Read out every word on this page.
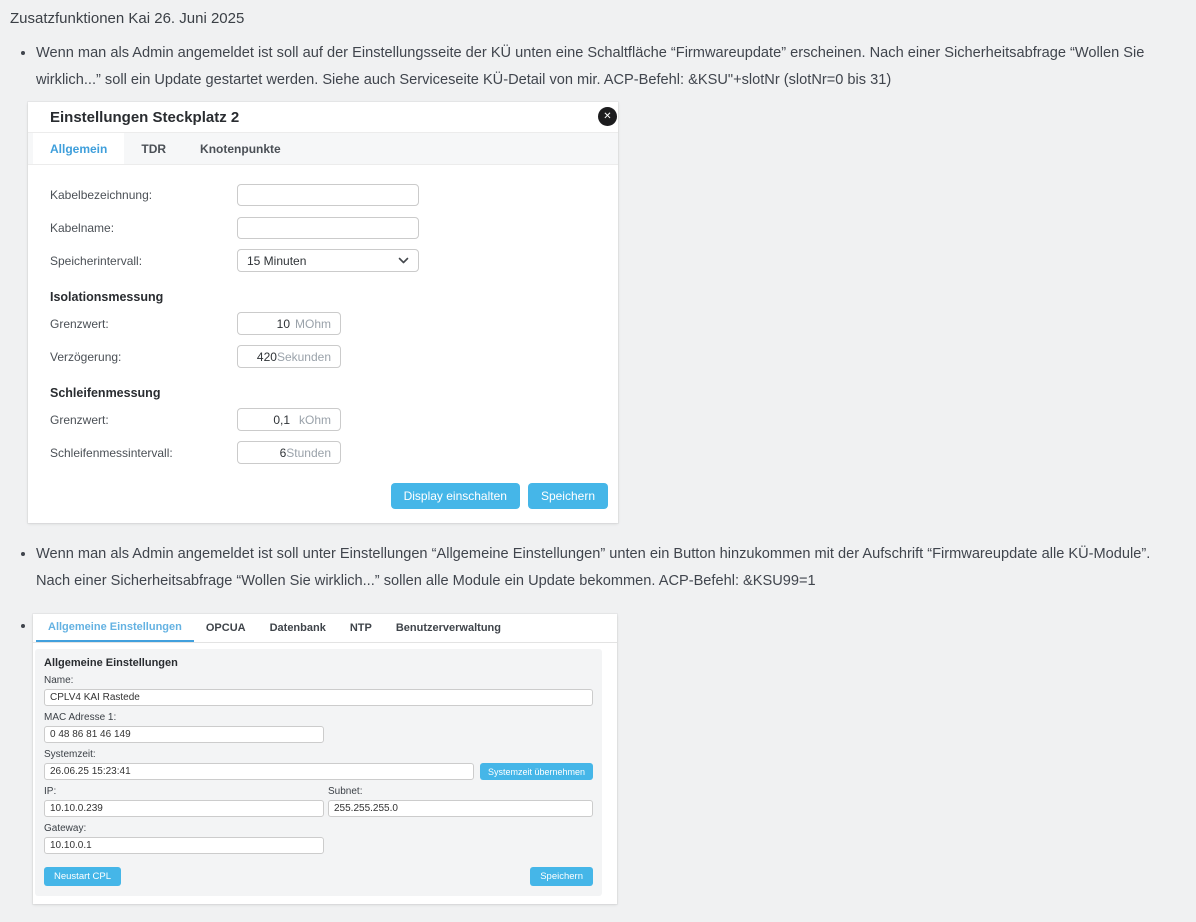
Zusatzfunktionen Kai 26. Juni 2025
• Wenn man als Admin angemeldet ist soll auf der Einstellungsseite der KÜ unten eine Schaltfläche “Firmwareupdate” erscheinen. Nach einer Sicherheitsabfrage “Wollen Sie wirklich...” soll ein Update gestartet werden. Siehe auch Serviceseite KÜ-Detail von mir. ACP-Befehl: &KSU"+slotNr (slotNr=0 bis 31)
Einstellungen Steckplatz 2	✕
Allgemein	TDR	Knotenpunkte
Kabelbezeichnung:
Kabelname:
Speicherintervall:	15 Minuten
Isolationsmessung
Grenzwert:	10 MOhm
Verzögerung:	420 Sekunden
Schleifenmessung
Grenzwert:	0,1 kOhm
Schleifenmessintervall:	6 Stunden
Display einschalten	Speichern
• Wenn man als Admin angemeldet ist soll unter Einstellungen “Allgemeine Einstellungen” unten ein Button hinzukommen mit der Aufschrift “Firmwareupdate alle KÜ-Module”. Nach einer Sicherheitsabfrage “Wollen Sie wirklich...” sollen alle Module ein Update bekommen. ACP-Befehl: &KSU99=1
• Allgemeine Einstellungen	OPCUA	Datenbank	NTP	Benutzerverwaltung
Allgemeine Einstellungen
Name:
CPLV4 KAI Rastede
MAC Adresse 1:
0 48 86 81 46 149
Systemzeit:
26.06.25 15:23:41
Systemzeit übernehmen
IP:
10.10.0.239	Subnet:
255.255.255.0
Gateway:
10.10.0.1
Neustart CPL	Speichern
